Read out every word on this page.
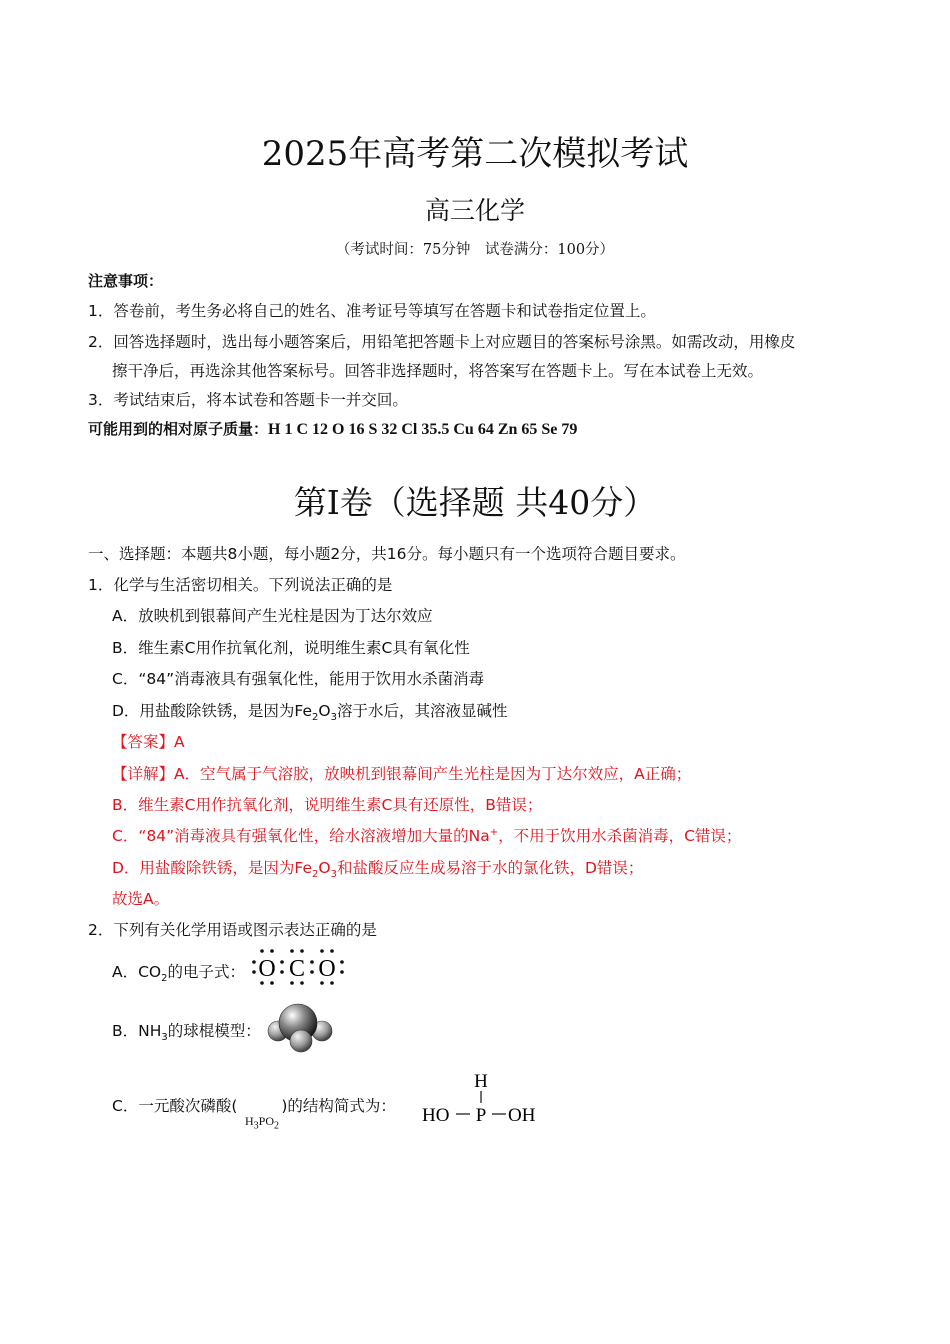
2025年高考第二次模拟考试
高三化学
（考试时间：75分钟　试卷满分：100分）
注意事项：
1．答卷前，考生务必将自己的姓名、准考证号等填写在答题卡和试卷指定位置上。
2．回答选择题时，选出每小题答案后，用铅笔把答题卡上对应题目的答案标号涂黑。如需改动，用橡皮
擦干净后，再选涂其他答案标号。回答非选择题时，将答案写在答题卡上。写在本试卷上无效。
3．考试结束后，将本试卷和答题卡一并交回。
可能用到的相对原子质量：H 1 C 12 O 16 S 32 Cl 35.5 Cu 64 Zn 65 Se 79
第Ⅰ卷（选择题 共40分）
一、选择题：本题共8小题，每小题2分，共16分。每小题只有一个选项符合题目要求。
1．化学与生活密切相关。下列说法正确的是
A．放映机到银幕间产生光柱是因为丁达尔效应
B．维生素C用作抗氧化剂，说明维生素C具有氧化性
C．“84”消毒液具有强氧化性，能用于饮用水杀菌消毒
D．用盐酸除铁锈，是因为$Fe_2O_3$溶于水后，其溶液显碱性
【答案】A
【详解】A．空气属于气溶胶，放映机到银幕间产生光柱是因为丁达尔效应，A正确；
B．维生素C用作抗氧化剂，说明维生素C具有还原性，B错误；
C．“84”消毒液具有强氧化性，给水溶液增加大量的Na+，不用于饮用水杀菌消毒，C错误；
D．用盐酸除铁锈，是因为$Fe_2O_3$和盐酸反应生成易溶于水的氯化铁，D错误；
故选A。
2．下列有关化学用语或图示表达正确的是
A．$CO_2$的电子式： O C O
B．$NH_3$的球棍模型：
C．一元酸次磷酸(	)的结构简式为：
$H_3PO_2$
H
HO P OH
